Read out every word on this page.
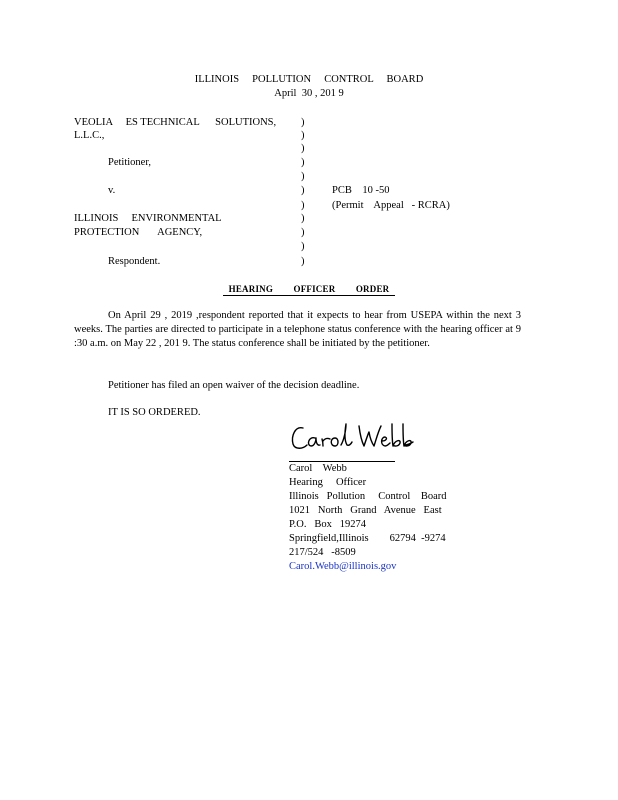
ILLINOIS     POLLUTION     CONTROL     BOARD
April  30 , 201 9
VEOLIA     ES TECHNICAL      SOLUTIONS, )
L.L.C.,	)
)
Petitioner,	)
)
v.	)	PCB    10 -50
)	(Permit    Appeal   - RCRA)
ILLINOIS     ENVIRONMENTAL	)
PROTECTION       AGENCY,	)
)
Respondent.	)
HEARING OFFICER ORDER
On April 29 , 2019 ,respondent reported that it expects to hear from USEPA within the next 3 weeks. The parties are directed to participate in a telephone status conference with the hearing officer at 9 :30 a.m. on May 22 , 201 9. The status conference shall be initiated by the petitioner.
Petitioner has filed an open waiver of the decision deadline.
IT IS SO ORDERED.
Carol    Webb
Hearing     Officer
Illinois   Pollution     Control    Board
1021   North   Grand   Avenue   East
P.O.   Box   19274
Springfield,Illinois        62794  -9274
217/524   -8509
Carol.Webb@illinois.gov
